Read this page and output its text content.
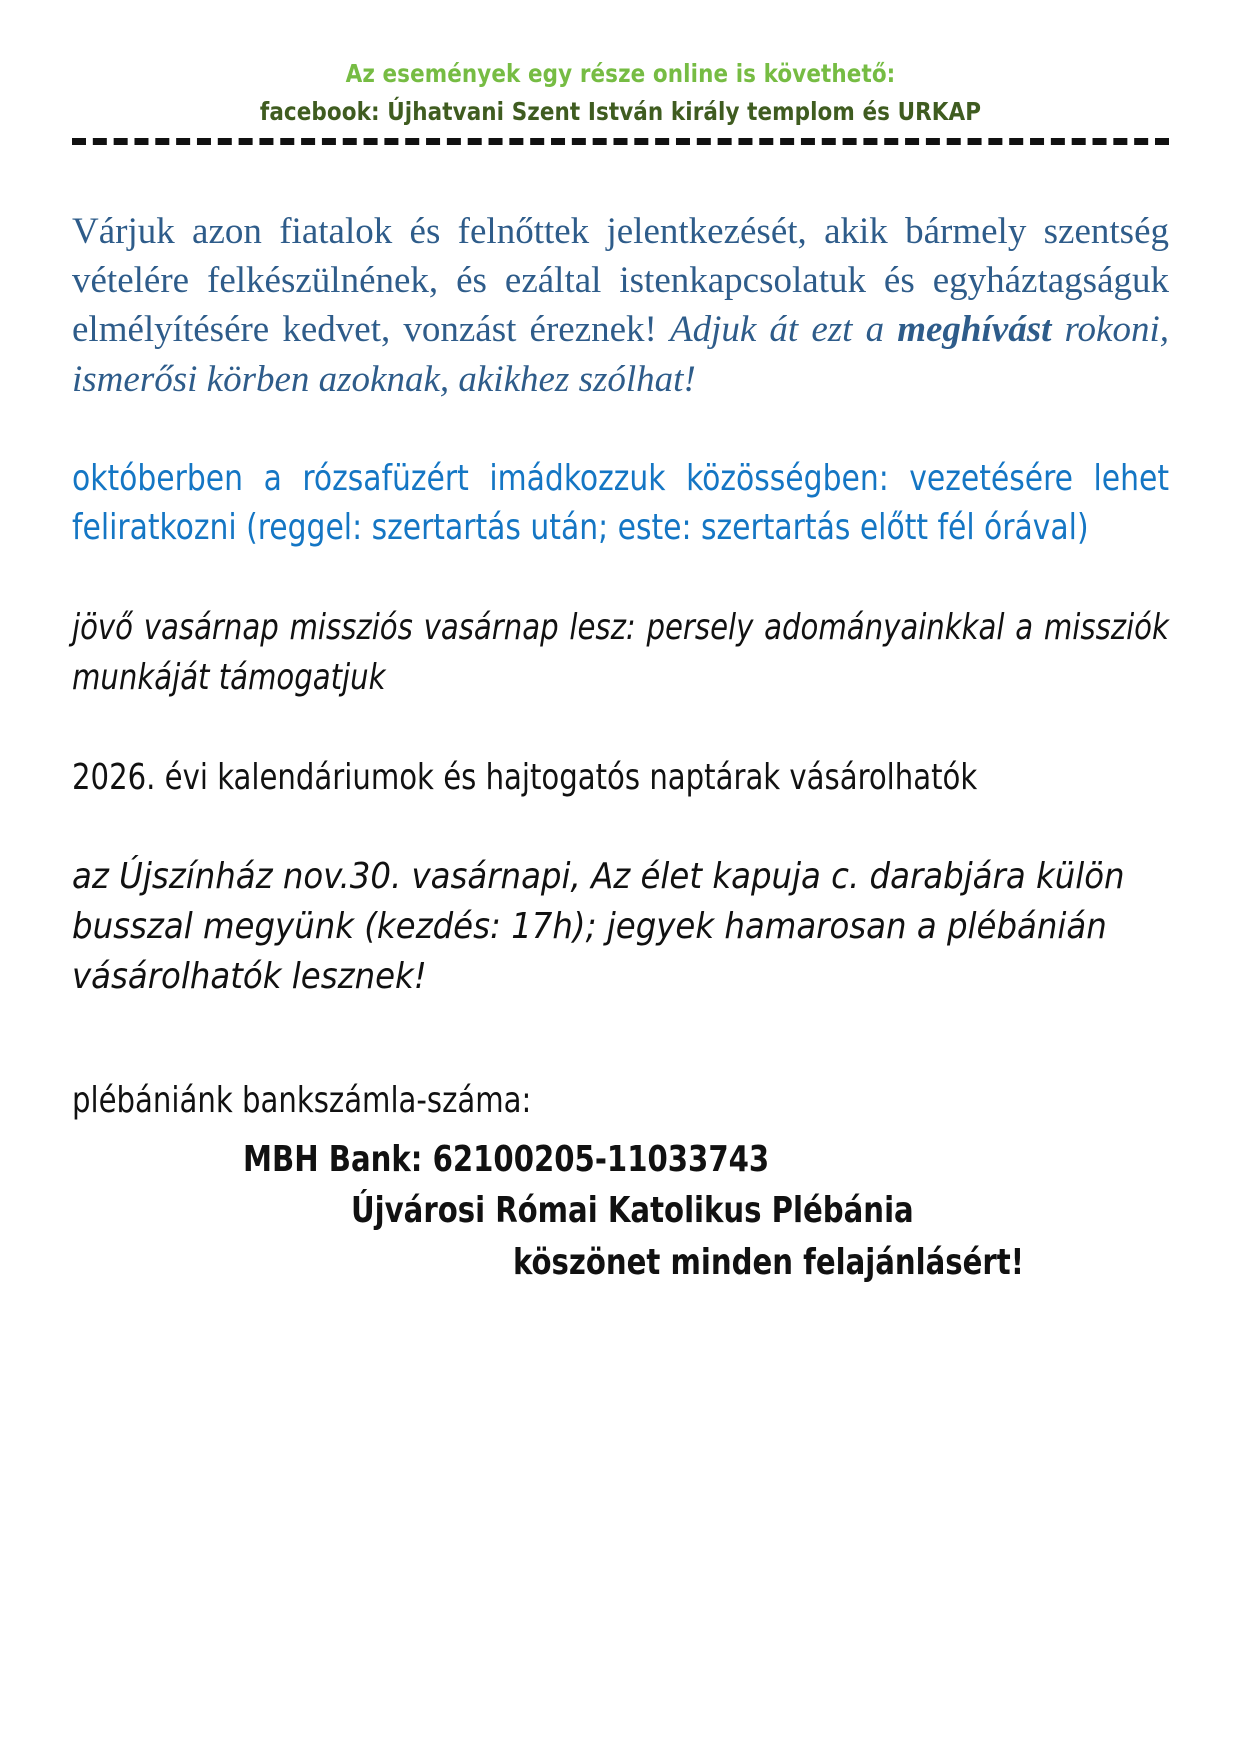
Az események egy része online is követhető:
facebook: Újhatvani Szent István király templom és URKAP

Várjuk azon fiatalok és felnőttek jelentkezését, akik bármely szentség vételére felkészülnének, és ezáltal istenkapcsolatuk és egyháztagságuk elmélyítésére kedvet, vonzást éreznek! Adjuk át ezt a meghívást rokoni, ismerősi körben azoknak, akikhez szólhat!

októberben a rózsafüzért imádkozzuk közösségben: vezetésére lehet feliratkozni (reggel: szertartás után; este: szertartás előtt fél órával)

jövő vasárnap missziós vasárnap lesz: persely adományainkkal a missziók munkáját támogatjuk

2026. évi kalendáriumok és hajtogatós naptárak vásárolhatók

az Újszínház nov.30. vasárnapi, Az élet kapuja c. darabjára külön busszal megyünk (kezdés: 17h); jegyek hamarosan a plébánián vásárolhatók lesznek!

plébániánk bankszámla-száma:
MBH Bank: 62100205-11033743
Újvárosi Római Katolikus Plébánia
köszönet minden felajánlásért!
